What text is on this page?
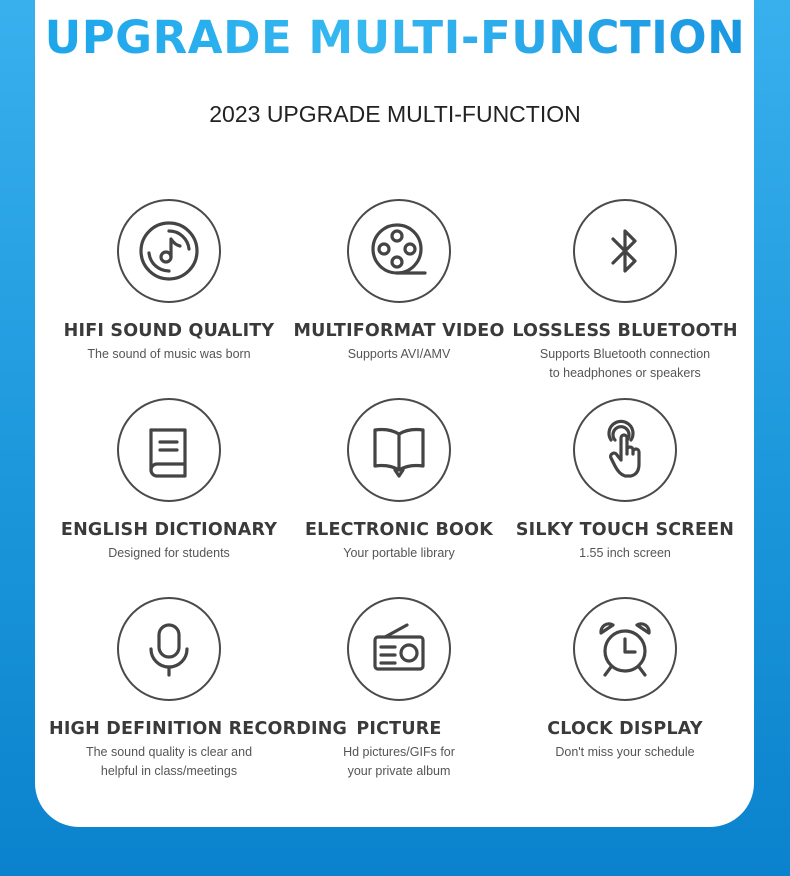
UPGRADE MULTI-FUNCTION
2023 UPGRADE MULTI-FUNCTION
HIFI SOUND QUALITY
The sound of music was born
MULTIFORMAT VIDEO
Supports AVI/AMV
LOSSLESS BLUETOOTH
Supports Bluetooth connection
to headphones or speakers
ENGLISH DICTIONARY
Designed for students
ELECTRONIC BOOK
Your portable library
SILKY TOUCH SCREEN
1.55 inch screen
HIGH DEFINITION RECORDING
The sound quality is clear and
helpful in class/meetings
PICTURE
Hd pictures/GIFs for
your private album
CLOCK DISPLAY
Don't miss your schedule
